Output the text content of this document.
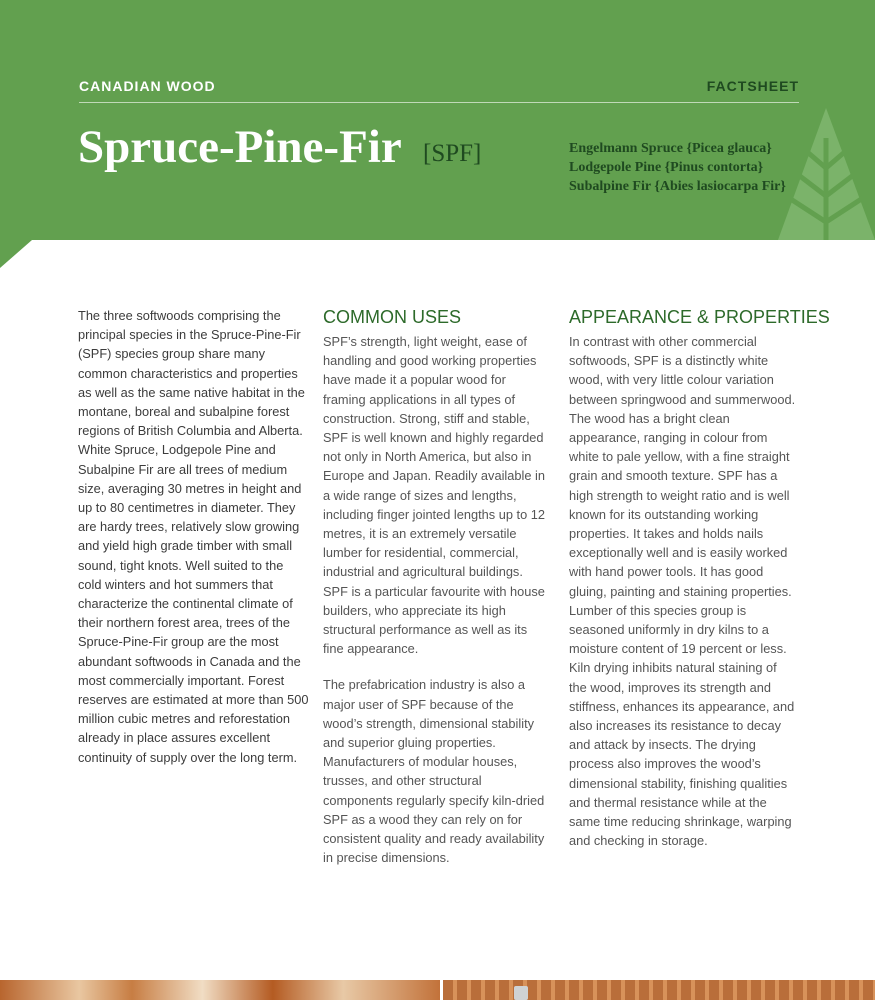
CANADIAN WOOD	FACTSHEET
Spruce-Pine-Fir [SPF]	Engelmann Spruce {Picea glauca}
Lodgepole Pine {Pinus contorta}
Subalpine Fir {Abies lasiocarpa Fir}

The three softwoods comprising the principal species in the Spruce-Pine-Fir (SPF) species group share many common characteristics and properties as well as the same native habitat in the montane, boreal and subalpine forest regions of British Columbia and Alberta. White Spruce, Lodgepole Pine and Subalpine Fir are all trees of medium size, averaging 30 metres in height and up to 80 centimetres in diameter. They are hardy trees, relatively slow growing and yield high grade timber with small sound, tight knots. Well suited to the cold winters and hot summers that characterize the continental climate of their northern forest area, trees of the Spruce-Pine-Fir group are the most abundant softwoods in Canada and the most commercially important. Forest reserves are estimated at more than 500 million cubic metres and reforestation already in place assures excellent continuity of supply over the long term.

COMMON USES

SPF’s strength, light weight, ease of handling and good working properties have made it a popular wood for framing applications in all types of construction. Strong, stiff and stable, SPF is well known and highly regarded not only in North America, but also in Europe and Japan. Readily available in a wide range of sizes and lengths, including finger jointed lengths up to 12 metres, it is an extremely versatile lumber for residential, commercial, industrial and agricultural buildings. SPF is a particular favourite with house builders, who appreciate its high structural performance as well as its fine appearance.

The prefabrication industry is also a major user of SPF because of the wood’s strength, dimensional stability and superior gluing properties. Manufacturers of modular houses, trusses, and other structural components regularly specify kiln-dried SPF as a wood they can rely on for consistent quality and ready availability in precise dimensions.

APPEARANCE & PROPERTIES

In contrast with other commercial softwoods, SPF is a distinctly white wood, with very little colour variation between springwood and summerwood. The wood has a bright clean appearance, ranging in colour from white to pale yellow, with a fine straight grain and smooth texture. SPF has a high strength to weight ratio and is well known for its outstanding working properties. It takes and holds nails exceptionally well and is easily worked with hand power tools. It has good gluing, painting and staining properties. Lumber of this species group is seasoned uniformly in dry kilns to a moisture content of 19 percent or less. Kiln drying inhibits natural staining of the wood, improves its strength and stiffness, enhances its appearance, and also increases its resistance to decay and attack by insects. The drying process also improves the wood’s dimensional stability, finishing qualities and thermal resistance while at the same time reducing shrinkage, warping and checking in storage.
